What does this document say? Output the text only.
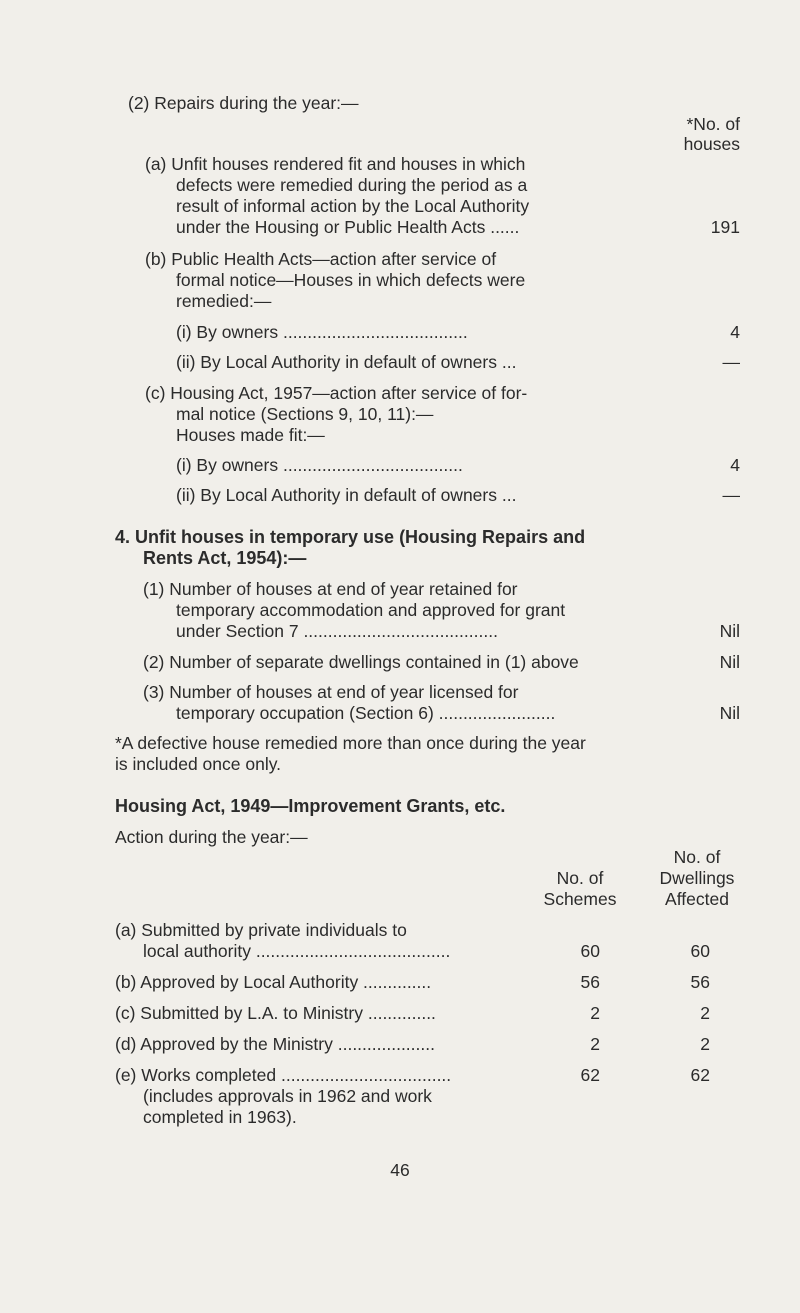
(2) Repairs during the year:—
*No. of
houses
(a) Unfit houses rendered fit and houses in which
defects were remedied during the period as a
result of informal action by the Local Authority
under the Housing or Public Health Acts ......	191
(b) Public Health Acts—action after service of
formal notice—Houses in which defects were
remedied:—
(i) By owners ......................................	4
(ii) By Local Authority in default of owners ...	—
(c) Housing Act, 1957—action after service of for-
mal notice (Sections 9, 10, 11):—
Houses made fit:—
(i) By owners .....................................	4
(ii) By Local Authority in default of owners ...	—
4. Unfit houses in temporary use (Housing Repairs and
Rents Act, 1954):—
(1) Number of houses at end of year retained for
temporary accommodation and approved for grant
under Section 7 ........................................	Nil
(2) Number of separate dwellings contained in (1) above	Nil
(3) Number of houses at end of year licensed for
temporary occupation (Section 6) ........................	Nil
*A defective house remedied more than once during the year
is included once only.
Housing Act, 1949—Improvement Grants, etc.
Action during the year:—
No. of
Schemes
No. of
Dwellings
Affected
(a) Submitted by private individuals to
local authority ........................................	60	60
(b) Approved by Local Authority ..............	56	56
(c) Submitted by L.A. to Ministry ..............	2	2
(d) Approved by the Ministry ....................	2	2
(e) Works completed ...................................	62	62
(includes approvals in 1962 and work
completed in 1963).
46
